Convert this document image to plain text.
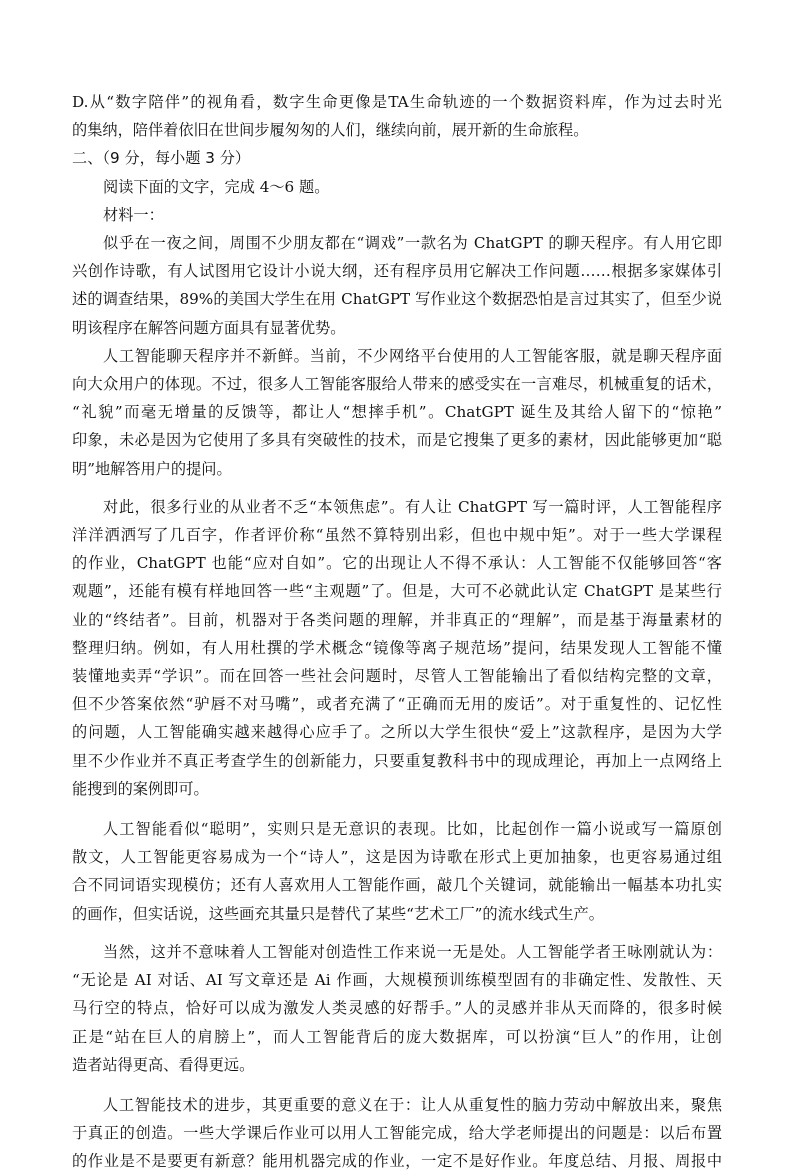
D.从“数字陪伴”的视角看，数字生命更像是TA生命轨迹的一个数据资料库，作为过去时光
的集纳，陪伴着依旧在世间步履匆匆的人们，继续向前，展开新的生命旅程。
二、（9 分，每小题 3 分）
阅读下面的文字，完成 4～6 题。
材料一：
似乎在一夜之间，周围不少朋友都在“调戏”一款名为 ChatGPT 的聊天程序。有人用它即
兴创作诗歌，有人试图用它设计小说大纲，还有程序员用它解决工作问题……根据多家媒体引
述的调查结果，89%的美国大学生在用 ChatGPT 写作业这个数据恐怕是言过其实了，但至少说
明该程序在解答问题方面具有显著优势。
人工智能聊天程序并不新鲜。当前，不少网络平台使用的人工智能客服，就是聊天程序面
向大众用户的体现。不过，很多人工智能客服给人带来的感受实在一言难尽，机械重复的话术，
“礼貌”而毫无增量的反馈等，都让人“想摔手机”。ChatGPT 诞生及其给人留下的“惊艳”
印象，未必是因为它使用了多具有突破性的技术，而是它搜集了更多的素材，因此能够更加“聪
明”地解答用户的提问。
对此，很多行业的从业者不乏“本领焦虑”。有人让 ChatGPT 写一篇时评，人工智能程序
洋洋洒洒写了几百字，作者评价称“虽然不算特别出彩，但也中规中矩”。对于一些大学课程
的作业，ChatGPT 也能“应对自如”。它的出现让人不得不承认：人工智能不仅能够回答“客
观题”，还能有模有样地回答一些“主观题”了。但是，大可不必就此认定 ChatGPT 是某些行
业的“终结者”。目前，机器对于各类问题的理解，并非真正的“理解”，而是基于海量素材的
整理归纳。例如，有人用杜撰的学术概念“镜像等离子规范场”提问，结果发现人工智能不懂
装懂地卖弄“学识”。而在回答一些社会问题时，尽管人工智能输出了看似结构完整的文章，
但不少答案依然“驴唇不对马嘴”，或者充满了“正确而无用的废话”。对于重复性的、记忆性
的问题，人工智能确实越来越得心应手了。之所以大学生很快“爱上”这款程序，是因为大学
里不少作业并不真正考查学生的创新能力，只要重复教科书中的现成理论，再加上一点网络上
能搜到的案例即可。
人工智能看似“聪明”，实则只是无意识的表现。比如，比起创作一篇小说或写一篇原创
散文，人工智能更容易成为一个“诗人”，这是因为诗歌在形式上更加抽象，也更容易通过组
合不同词语实现模仿；还有人喜欢用人工智能作画，敲几个关键词，就能输出一幅基本功扎实
的画作，但实话说，这些画充其量只是替代了某些“艺术工厂”的流水线式生产。
当然，这并不意味着人工智能对创造性工作来说一无是处。人工智能学者王咏刚就认为：
“无论是 AI 对话、AI 写文章还是 Ai 作画，大规模预训练模型固有的非确定性、发散性、天
马行空的特点，恰好可以成为激发人类灵感的好帮手。”人的灵感并非从天而降的，很多时候
正是“站在巨人的肩膀上”，而人工智能背后的庞大数据库，可以扮演“巨人”的作用，让创
造者站得更高、看得更远。
人工智能技术的进步，其更重要的意义在于：让人从重复性的脑力劳动中解放出来，聚焦
于真正的创造。一些大学课后作业可以用人工智能完成，给大学老师提出的问题是：以后布置
的作业是不是要更有新意？能用机器完成的作业，一定不是好作业。年度总结、月报、周报中
